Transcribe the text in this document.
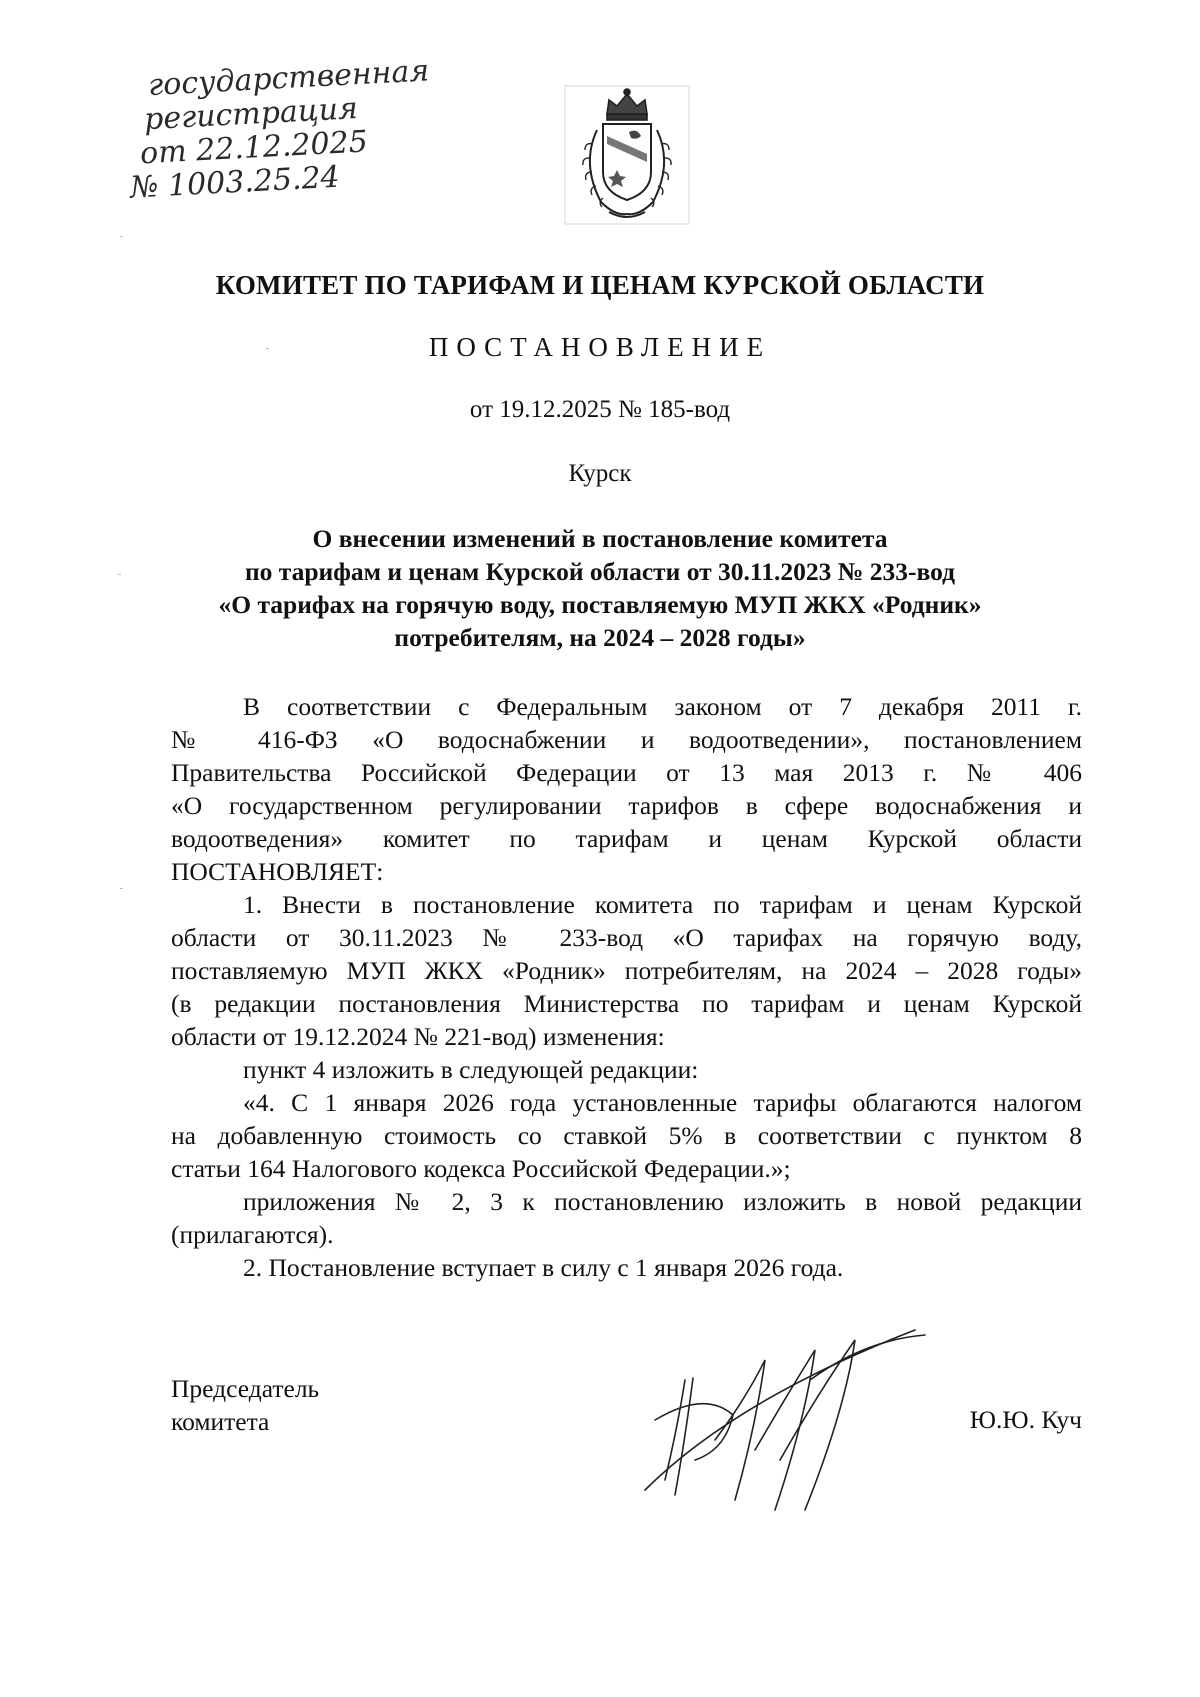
государственная
регистрация
от 22.12.2025
№ 1003.25.24
КОМИТЕТ ПО ТАРИФАМ И ЦЕНАМ КУРСКОЙ ОБЛАСТИ
ПОСТАНОВЛЕНИЕ
от 19.12.2025 № 185-вод
Курск
О внесении изменений в постановление комитета
по тарифам и ценам Курской области от 30.11.2023 № 233-вод
«О тарифах на горячую воду, поставляемую МУП ЖКХ «Родник»
потребителям, на 2024 – 2028 годы»

В соответствии с Федеральным законом от 7 декабря 2011 г.
№ 416-ФЗ «О водоснабжении и водоотведении», постановлением
Правительства Российской Федерации от 13 мая 2013 г. № 406
«О государственном регулировании тарифов в сфере водоснабжения и
водоотведения» комитет по тарифам и ценам Курской области
ПОСТАНОВЛЯЕТ:

1. Внести в постановление комитета по тарифам и ценам Курской
области от 30.11.2023 № 233-вод «О тарифах на горячую воду,
поставляемую МУП ЖКХ «Родник» потребителям, на 2024 – 2028 годы»
(в редакции постановления Министерства по тарифам и ценам Курской
области от 19.12.2024 № 221-вод) изменения:

пункт 4 изложить в следующей редакции:

«4. С 1 января 2026 года установленные тарифы облагаются налогом
на добавленную стоимость со ставкой 5% в соответствии с пунктом 8
статьи 164 Налогового кодекса Российской Федерации.»;

приложения № 2, 3 к постановлению изложить в новой редакции
(прилагаются).

2. Постановление вступает в силу с 1 января 2026 года.

Председатель
комитета	Ю.Ю. Куч
